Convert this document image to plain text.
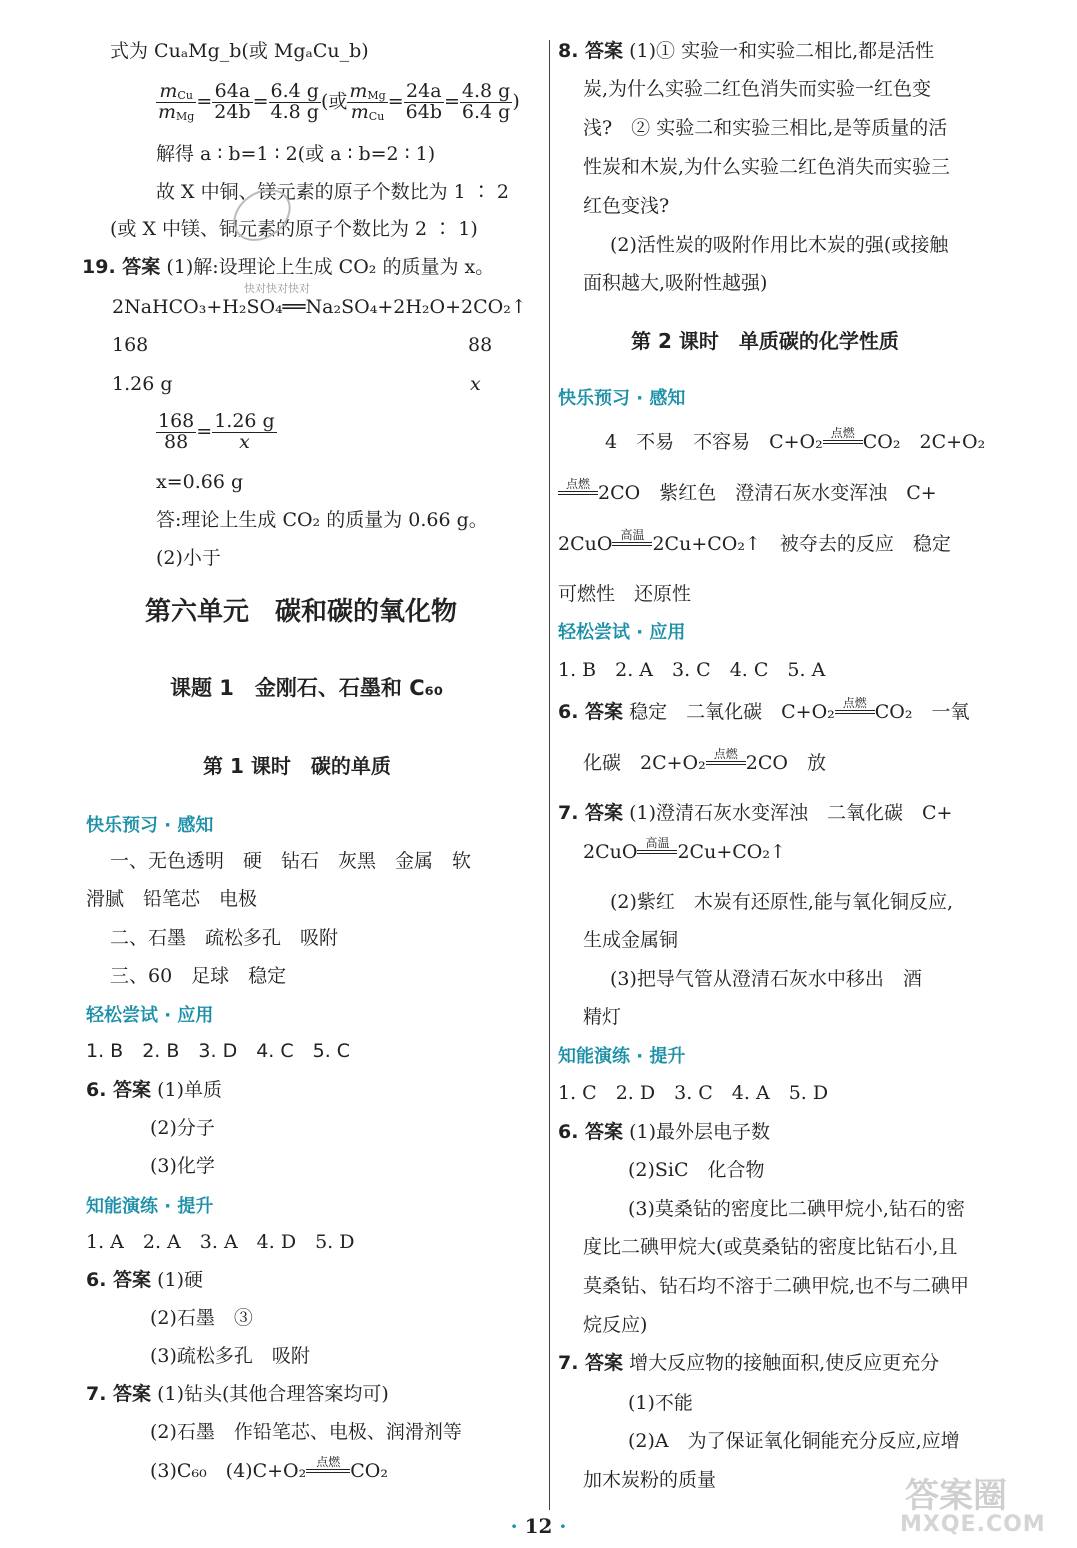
式为 CuₐMg_b(或 MgₐCu_b)
$\frac{m_{Cu}}{m_{Mg}} = \frac{64a}{24b} = \frac{6.4 g}{4.8 g}$ (或 $\frac{m_{Mg}}{m_{Cu}} = \frac{24a}{64b} = \frac{4.8 g}{6.4 g}$ )
解得 a ∶ b=1 ∶ 2(或 a ∶ b=2 ∶ 1)
故 X 中铜、镁元素的原子个数比为 1 ∶ 2
(或 X 中镁、铜元素的原子个数比为 2 ∶ 1)
19. 答案 (1)解:设理论上生成 CO₂ 的质量为 x。
2NaHCO₃+H₂SO₄══Na₂SO₄+2H₂O+2CO₂↑
168	88
1.26 g	x
$\frac{168}{88} = \frac{1.26 g}{x}$
x=0.66 g
答:理论上生成 CO₂ 的质量为 0.66 g。
(2)小于
第六单元　碳和碳的氧化物
课题 1　金刚石、石墨和 C₆₀
第 1 课时　碳的单质
快乐预习 · 感知
一、无色透明　硬　钻石　灰黑　金属　软
滑腻　铅笔芯　电极
二、石墨　疏松多孔　吸附
三、60　足球　稳定
轻松尝试 · 应用
1. B　2. B　3. D　4. C　5. C
6. 答案 (1)单质
(2)分子
(3)化学
知能演练 · 提升
1. A　2. A　3. A　4. D　5. D
6. 答案 (1)硬
(2)石墨　③
(3)疏松多孔　吸附
7. 答案 (1)钻头(其他合理答案均可)
(2)石墨　作铅笔芯、电极、润滑剂等
(3)C₆₀　(4)C+O₂ 点燃 CO₂
8. 答案 (1)① 实验一和实验二相比,都是活性
炭,为什么实验二红色消失而实验一红色变
浅?　② 实验二和实验三相比,是等质量的活
性炭和木炭,为什么实验二红色消失而实验三
红色变浅?
(2)活性炭的吸附作用比木炭的强(或接触
面积越大,吸附性越强)
第 2 课时　单质碳的化学性质
快乐预习 · 感知
4　不易　不容易　C+O₂ 点燃 CO₂　2C+O₂
点燃 2CO　紫红色　澄清石灰水变浑浊　C+
2CuO 高温 2Cu+CO₂↑　被夺去的反应　稳定
可燃性　还原性
轻松尝试 · 应用
1. B　2. A　3. C　4. C　5. A
6. 答案 稳定　二氧化碳　C+O₂ 点燃 CO₂　一氧
化碳　2C+O₂ 点燃 2CO　放
7. 答案 (1)澄清石灰水变浑浊　二氧化碳　C+
2CuO 高温 2Cu+CO₂↑
(2)紫红　木炭有还原性,能与氧化铜反应,
生成金属铜
(3)把导气管从澄清石灰水中移出　酒
精灯
知能演练 · 提升
1. C　2. D　3. C　4. A　5. D
6. 答案 (1)最外层电子数
(2)SiC　化合物
(3)莫桑钻的密度比二碘甲烷小,钻石的密
度比二碘甲烷大(或莫桑钻的密度比钻石小,且
莫桑钻、钻石均不溶于二碘甲烷,也不与二碘甲
烷反应)
7. 答案 增大反应物的接触面积,使反应更充分
(1)不能
(2)A　为了保证氧化铜能充分反应,应增
加木炭粉的质量
快对快对快对
答案圈
MXQE.COM
· 12 ·
